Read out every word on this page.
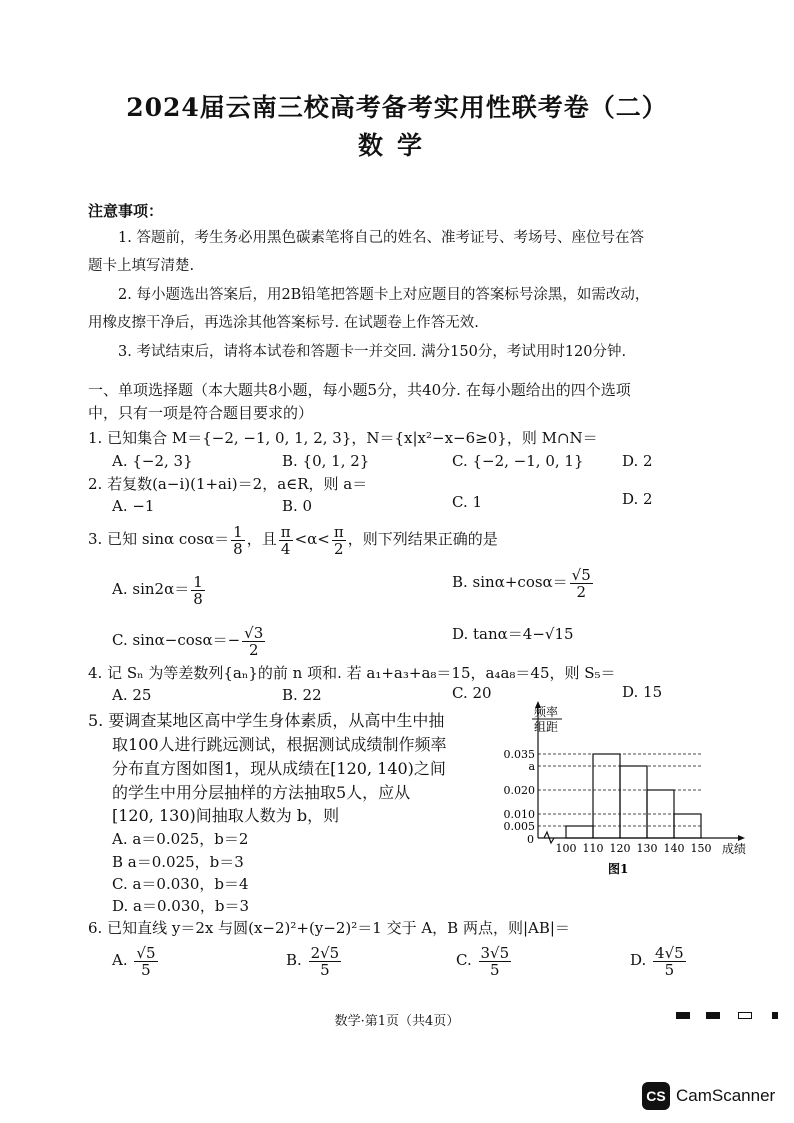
2024届云南三校高考备考实用性联考卷（二）
数学
注意事项：
1. 答题前，考生务必用黑色碳素笔将自己的姓名、准考证号、考场号、座位号在答
题卡上填写清楚.
2. 每小题选出答案后，用2B铅笔把答题卡上对应题目的答案标号涂黑，如需改动，
用橡皮擦干净后，再选涂其他答案标号. 在试题卷上作答无效.
3. 考试结束后，请将本试卷和答题卡一并交回. 满分150分，考试用时120分钟.
一、单项选择题（本大题共8小题，每小题5分，共40分. 在每小题给出的四个选项
中，只有一项是符合题目要求的）
1. 已知集合 M＝{−2, −1, 0, 1, 2, 3}，N＝{x|x²−x−6≥0}，则 M∩N＝
A. {−2, 3}	B. {0, 1, 2}	C. {−2, −1, 0, 1}	D. 2
2. 若复数(a−i)(1+ai)＝2，a∈R，则 a＝
A. −1	B. 0	C. 1	D. 2
3. 已知 sinα $\cos\alpha= \frac{1}{8}$ ，且 $\frac{\pi}{4} <\alpha< \frac{\pi}{2}$ ，则下列结果正确的是
A. $\sin 2\alpha= \frac{1}{8}$	B. $\sin\alpha+\cos\alpha= \frac{√5}{2}$
C. $\sin\alpha-\cos\alpha=- \frac{√3}{2}$	D. tanα＝4−√15
4. 记 Sₙ 为等差数列{aₙ}的前 n 项和. 若 a₁+a₃+a₈＝15，a₄a₈＝45，则 S₅＝
A. 25	B. 22	C. 20	D. 15
5. 要调查某地区高中学生身体素质，从高中生中抽
取100人进行跳远测试，根据测试成绩制作频率
分布直方图如图1，现从成绩在[120, 140)之间
的学生中用分层抽样的方法抽取5人，应从
[120, 130)间抽取人数为 b，则
A. a＝0.025，b＝2
B a＝0.025，b＝3
C. a＝0.030，b＝4
D. a＝0.030，b＝3
0
0.035
a
0.020
0.010
0.005
100 110 120 130 140 150
频率
组距
成绩
图1
6. 已知直线 y＝2x 与圆(x−2)²+(y−2)²＝1 交于 A，B 两点，则|AB|＝
A. $\frac{√5}{5}$	B. $\frac{2√5}{5}$	C. $\frac{3√5}{5}$	D. $\frac{4√5}{5}$
数学·第1页（共4页）
CS CamScanner
